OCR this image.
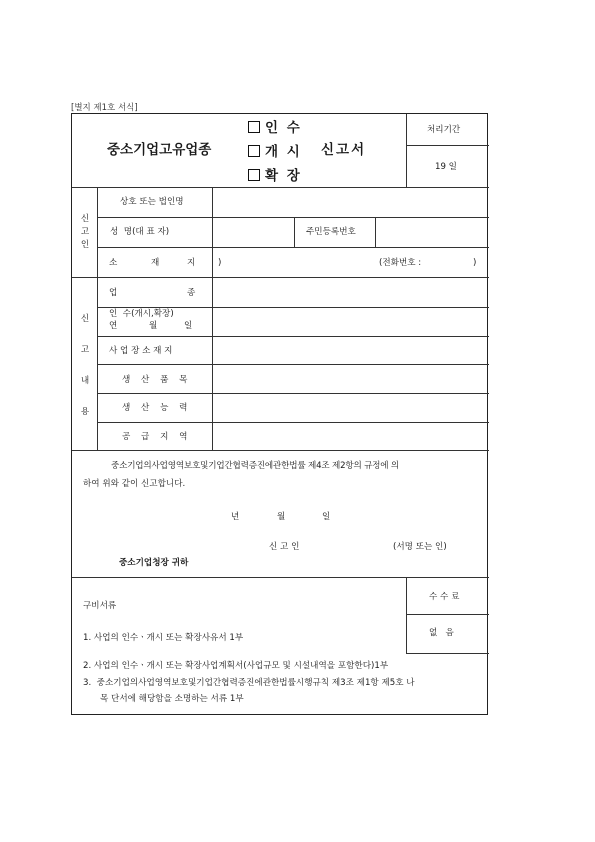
[별지 제1호 서식]
중소기업고유업종
인 수
개 시
확 장
신고서
처리기간
19 일
신
고
인
상호 또는 법인명
성  명(대 표 자)	주민등록번호
소	재	지	)	(전화번호 :	)
신
고
내
용
업	종
인  수(개시,확장)
연	월	일
사 업 장 소 재 지
생 산 품 목
생 산 능 력
공 급 지 역
중소기업의사업영역보호및기업간협력증진에관한법률 제4조 제2항의 규정에 의
하여 위와 같이 신고합니다.
년	월	일
신 고 인	(서명 또는 인)
중소기업청장 귀하
구비서류
수 수 료
없   음
1. 사업의 인수ㆍ개시 또는 확장사유서 1부
2. 사업의 인수ㆍ개시 또는 확장사업계획서(사업규모 및 시설내역을 포함한다)1부
3.  중소기업의사업영역보호및기업간협력증진에관한법률시행규칙 제3조 제1항 제5호 나
목 단서에 해당함을 소명하는 서류 1부
